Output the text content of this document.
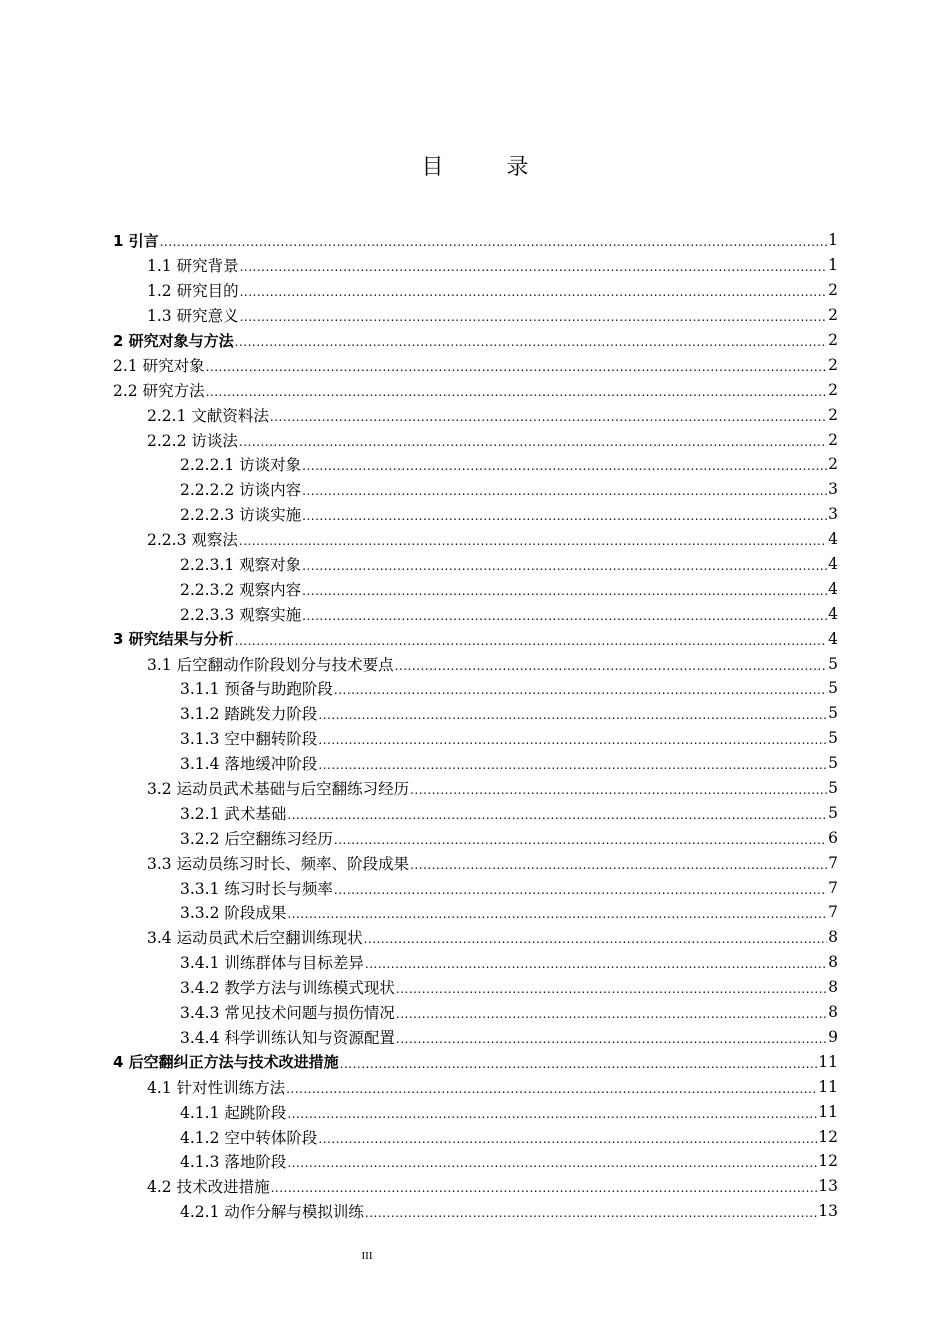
目 录
1 引言 .....	1
1.1 研究背景 .....	1
1.2 研究目的 .....	2
1.3 研究意义 .....	2
2 研究对象与方法 .....	2
2.1 研究对象 .....	2
2.2 研究方法 .....	2
2.2.1 文献资料法 .....	2
2.2.2 访谈法 .....	2
2.2.2.1 访谈对象 .....	2
2.2.2.2 访谈内容 .....	3
2.2.2.3 访谈实施 .....	3
2.2.3 观察法 .....	4
2.2.3.1 观察对象 .....	4
2.2.3.2 观察内容 .....	4
2.2.3.3 观察实施 .....	4
3 研究结果与分析 .....	4
3.1 后空翻动作阶段划分与技术要点 .....	5
3.1.1 预备与助跑阶段 .....	5
3.1.2 踏跳发力阶段 .....	5
3.1.3 空中翻转阶段 .....	5
3.1.4 落地缓冲阶段 .....	5
3.2 运动员武术基础与后空翻练习经历 .....	5
3.2.1 武术基础 .....	5
3.2.2 后空翻练习经历 .....	6
3.3 运动员练习时长、频率、阶段成果 .....	7
3.3.1 练习时长与频率 .....	7
3.3.2 阶段成果 .....	7
3.4 运动员武术后空翻训练现状 .....	8
3.4.1 训练群体与目标差异 .....	8
3.4.2 教学方法与训练模式现状 .....	8
3.4.3 常见技术问题与损伤情况 .....	8
3.4.4 科学训练认知与资源配置 .....	9
4 后空翻纠正方法与技术改进措施 .....	11
4.1 针对性训练方法 .....	11
4.1.1 起跳阶段 .....	11
4.1.2 空中转体阶段 .....	12
4.1.3 落地阶段 .....	12
4.2 技术改进措施 .....	13
4.2.1 动作分解与模拟训练 .....	13
III
